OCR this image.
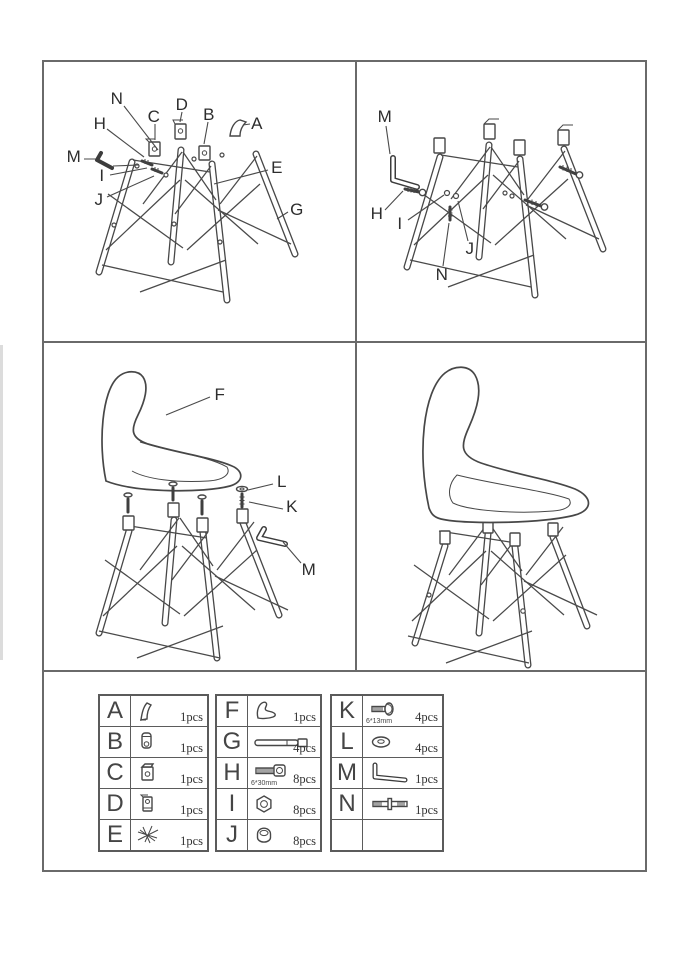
N
H
M
I
J
C
D
B A
E
G
M
H
I
J
N
F
L
K
M
A	1pcs
B	1pcs
C	1pcs
D	1pcs
E	1pcs
F	1pcs
G	4pcs
H	6*30mm 8pcs
I	8pcs
J	8pcs
K	6*13mm 4pcs
L	4pcs
M	1pcs
N	1pcs
